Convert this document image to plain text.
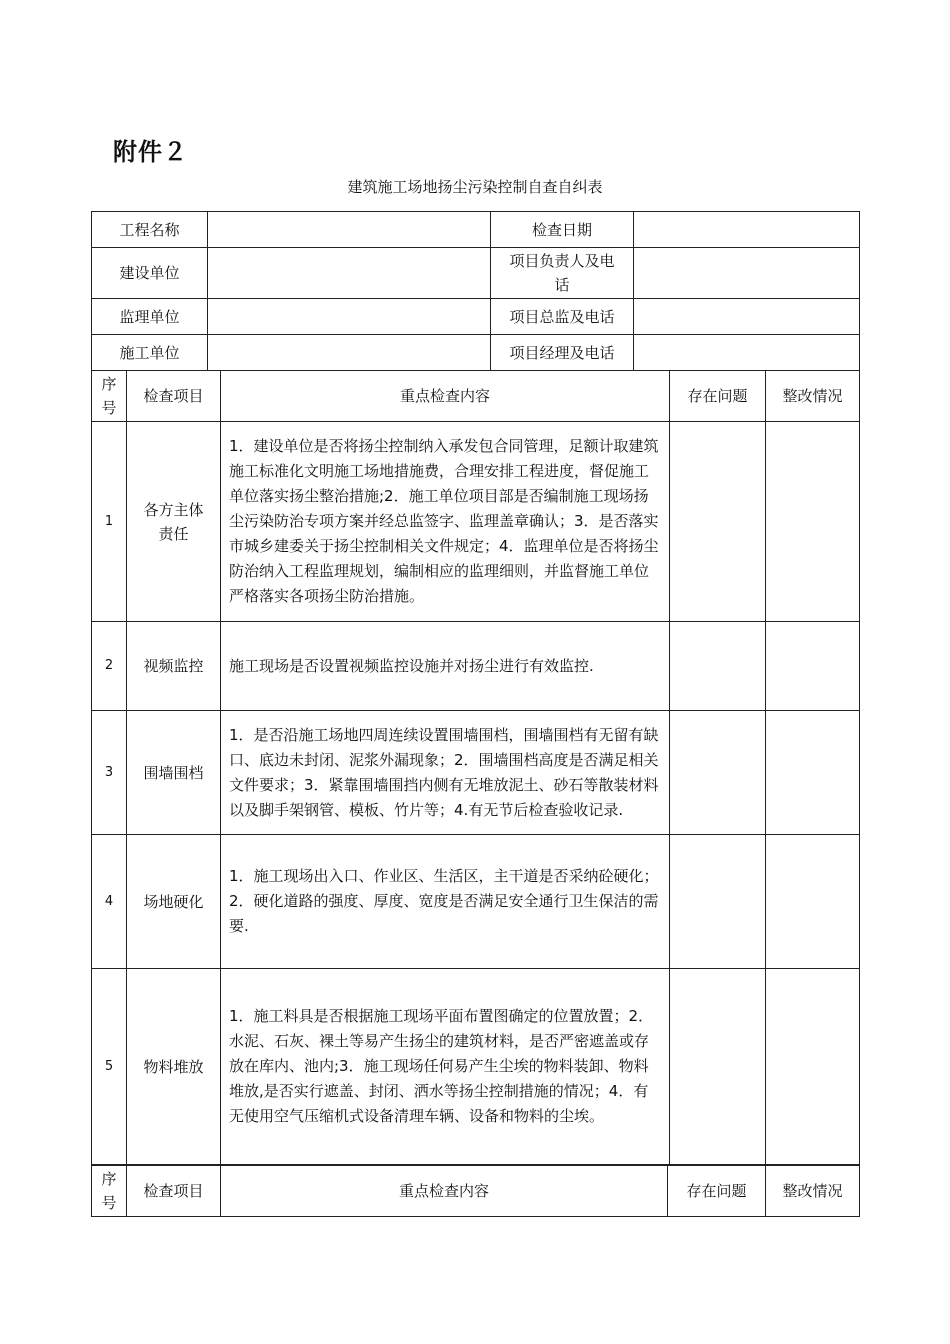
附件２
建筑施工场地扬尘污染控制自查自纠表
工程名称		检查日期	
建设单位		项目负责人及电话	
监理单位		项目总监及电话	
施工单位		项目经理及电话	
序号	检查项目	重点检查内容	存在问题	整改情况
1	各方主体责任	1．建设单位是否将扬尘控制纳入承发包合同管理，足额计取建筑施工标准化文明施工场地措施费，合理安排工程进度，督促施工单位落实扬尘整治措施;2．施工单位项目部是否编制施工现场扬尘污染防治专项方案并经总监签字、监理盖章确认；3．是否落实市城乡建委关于扬尘控制相关文件规定；4．监理单位是否将扬尘防治纳入工程监理规划，编制相应的监理细则，并监督施工单位严格落实各项扬尘防治措施。		
2	视频监控	施工现场是否设置视频监控设施并对扬尘进行有效监控.		
3	围墙围档	1．是否沿施工场地四周连续设置围墙围档，围墙围档有无留有缺口、底边未封闭、泥浆外漏现象；2．围墙围档高度是否满足相关文件要求；3．紧靠围墙围挡内侧有无堆放泥土、砂石等散装材料以及脚手架钢管、模板、竹片等；4.有无节后检查验收记录.		
4	场地硬化	1．施工现场出入口、作业区、生活区，主干道是否采纳砼硬化；2．硬化道路的强度、厚度、宽度是否满足安全通行卫生保洁的需要.		
5	物料堆放	1．施工料具是否根据施工现场平面布置图确定的位置放置；2．水泥、石灰、裸土等易产生扬尘的建筑材料，是否严密遮盖或存放在库内、池内;3．施工现场任何易产生尘埃的物料装卸、物料堆放,是否实行遮盖、封闭、洒水等扬尘控制措施的情况；4．有无使用空气压缩机式设备清理车辆、设备和物料的尘埃。		
序号	检查项目	重点检查内容	存在问题	整改情况
